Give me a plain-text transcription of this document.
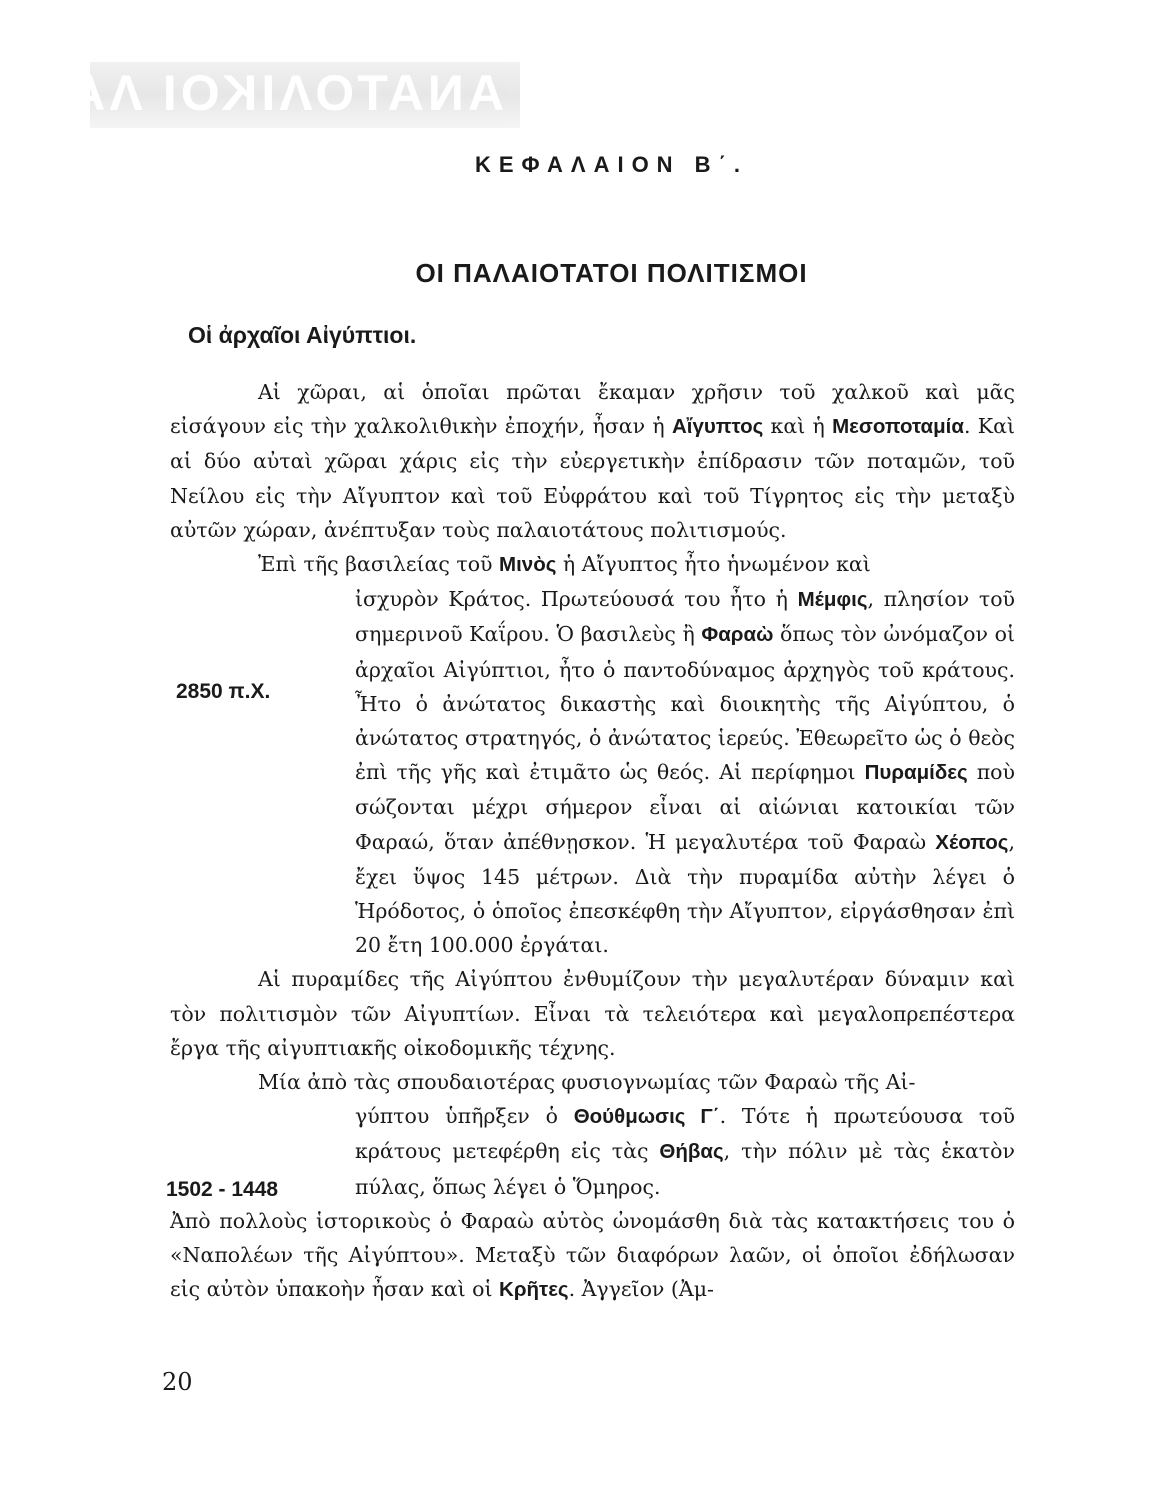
ΑΝΑΤΟΛΙΚΟΙ ΛΑΟΙ
ΚΕΦΑΛΑΙΟΝ Β΄.
ΟΙ ΠΑΛΑΙΟΤΑΤΟΙ ΠΟΛΙΤΙΣΜΟΙ
Οἱ ἀρχαῖοι Αἰγύπτιοι.
2850 π.Χ.
1502 - 1448

Αἱ χῶραι, αἱ ὁποῖαι πρῶται ἔκαμαν χρῆσιν τοῦ χαλκοῦ καὶ μᾶς εἰσάγουν εἰς τὴν χαλκολιθικὴν ἐποχήν, ἦσαν ἡ Αἴγυπτος καὶ ἡ Μεσοποταμία. Καὶ αἱ δύο αὐταὶ χῶραι χάρις εἰς τὴν εὐεργετικὴν ἐπίδρασιν τῶν ποταμῶν, τοῦ Νείλου εἰς τὴν Αἴγυπτον καὶ τοῦ Εὐφράτου καὶ τοῦ Τίγρητος εἰς τὴν μεταξὺ αὐτῶν χώραν, ἀνέπτυξαν τοὺς παλαιοτάτους πολιτισμούς.

Ἐπὶ τῆς βασιλείας τοῦ Μινὸς ἡ Αἴγυπτος ἦτο ἡνωμένον καὶ

ἰσχυρὸν Κράτος. Πρωτεύουσά του ἦτο ἡ Μέμφις, πλησίον τοῦ σημερινοῦ Καΐρου. Ὁ βασιλεὺς ἢ Φαραὼ ὅπως τὸν ὠνόμαζον οἱ ἀρχαῖοι Αἰγύπτιοι, ἦτο ὁ παντοδύναμος ἀρχηγὸς τοῦ κράτους. Ἦτο ὁ ἀνώτατος δικαστὴς καὶ διοικητὴς τῆς Αἰγύπτου, ὁ ἀνώτατος στρατηγός, ὁ ἀνώτατος ἱερεύς. Ἐθεωρεῖτο ὡς ὁ θεὸς ἐπὶ τῆς γῆς καὶ ἐτιμᾶτο ὡς θεός. Αἱ περίφημοι Πυραμίδες ποὺ σώζονται μέχρι σήμερον εἶναι αἱ αἰώνιαι κατοικίαι τῶν Φαραώ, ὅταν ἀπέθνῃσκον. Ἡ μεγαλυτέρα τοῦ Φαραὼ Χέοπος, ἔχει ὕψος 145 μέτρων. Διὰ τὴν πυραμίδα αὐτὴν λέγει ὁ Ἡρόδοτος, ὁ ὁποῖος ἐπεσκέφθη τὴν Αἴγυπτον, εἰργάσθησαν ἐπὶ 20 ἔτη 100.000 ἐργάται.

Αἱ πυραμίδες τῆς Αἰγύπτου ἐνθυμίζουν τὴν μεγαλυτέραν δύναμιν καὶ τὸν πολιτισμὸν τῶν Αἰγυπτίων. Εἶναι τὰ τελειότερα καὶ μεγαλοπρεπέστερα ἔργα τῆς αἰγυπτιακῆς οἰκοδομικῆς τέχνης.

Μία ἀπὸ τὰς σπουδαιοτέρας φυσιογνωμίας τῶν Φαραὼ τῆς Αἰ-

γύπτου ὑπῆρξεν ὁ Θούθμωσις Γ΄. Τότε ἡ πρωτεύουσα τοῦ κράτους μετεφέρθη εἰς τὰς Θήβας, τὴν πόλιν μὲ τὰς ἑκατὸν πύλας, ὅπως λέγει ὁ Ὅμηρος.

Ἀπὸ πολλοὺς ἱστορικοὺς ὁ Φαραὼ αὐτὸς ὠνομάσθη διὰ τὰς κατακτήσεις του ὁ «Ναπολέων τῆς Αἰγύπτου». Μεταξὺ τῶν διαφόρων λαῶν, οἱ ὁποῖοι ἐδήλωσαν εἰς αὐτὸν ὑπακοὴν ἦσαν καὶ οἱ Κρῆτες. Ἀγγεῖον (Ἀμ-

20
